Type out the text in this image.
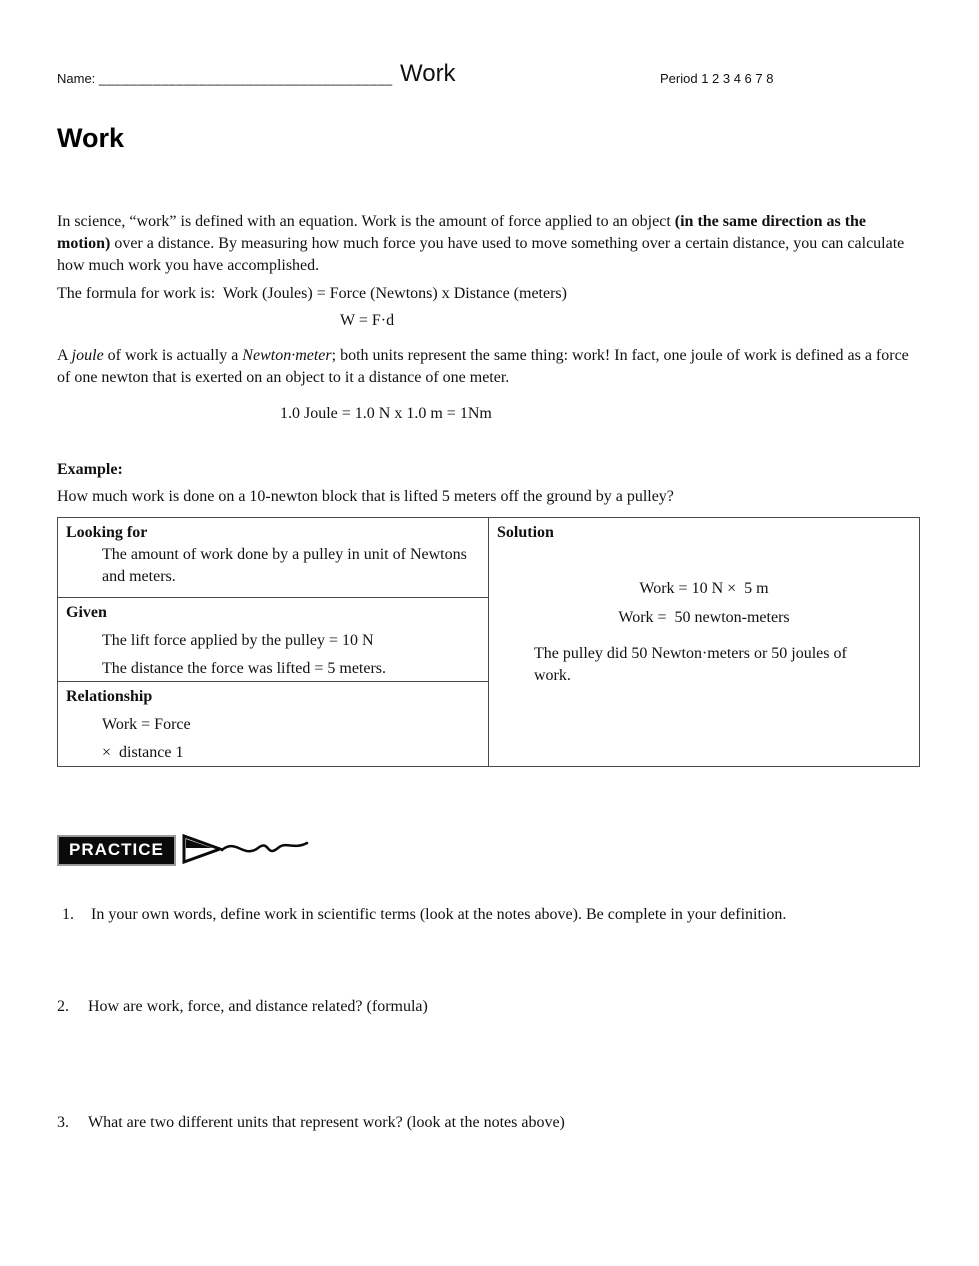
Name: ______________________________________ Work	Period 1 2 3 4 6 7 8
Work

In science, “work” is defined with an equation. Work is the amount of force applied to an object (in the same direction as the motion) over a distance. By measuring how much force you have used to move something over a certain distance, you can calculate how much work you have accomplished.

The formula for work is:  Work (Joules) = Force (Newtons) x Distance (meters)

W = F·d

A joule of work is actually a Newton·meter; both units represent the same thing: work! In fact, one joule of work is defined as a force of one newton that is exerted on an object to it a distance of one meter.

1.0 Joule = 1.0 N x 1.0 m = 1Nm

Example:

How much work is done on a 10-newton block that is lifted 5 meters off the ground by a pulley?

Looking for
The amount of work done by a pulley in unit of Newtons and meters.
Given
The lift force applied by the pulley = 10 N
The distance the force was lifted = 5 meters.
Relationship
Work = Force
×  distance 1
Solution
Work = 10 N ×  5 m
Work =  50 newton-meters
The pulley did 50 Newton·meters or 50 joules of work.
PRACTICE
1.	In your own words, define work in scientific terms (look at the notes above). Be complete in your definition.
2.	How are work, force, and distance related? (formula)
3.	What are two different units that represent work? (look at the notes above)
